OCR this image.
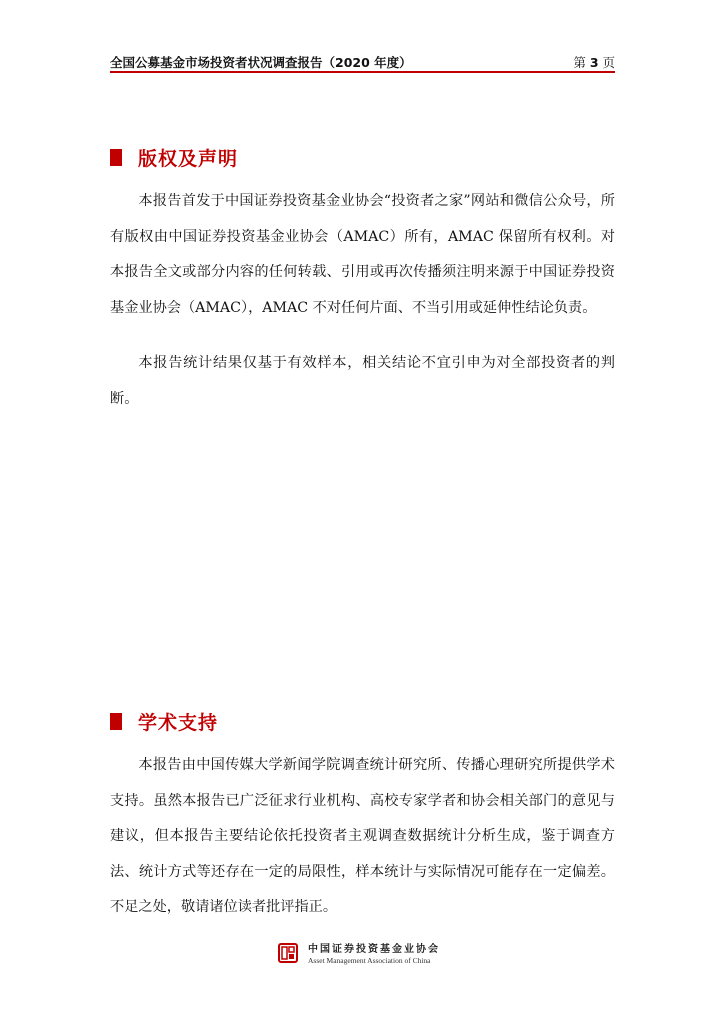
全国公募基金市场投资者状况调查报告（2020 年度）	第 3 页
版权及声明

本报告首发于中国证券投资基金业协会“投资者之家”网站和微信公众号，所有版权由中国证券投资基金业协会（AMAC）所有，AMAC 保留所有权利。对本报告全文或部分内容的任何转载、引用或再次传播须注明来源于中国证券投资基金业协会（AMAC），AMAC 不对任何片面、不当引用或延伸性结论负责。

本报告统计结果仅基于有效样本，相关结论不宜引申为对全部投资者的判断。

学术支持

本报告由中国传媒大学新闻学院调查统计研究所、传播心理研究所提供学术支持。虽然本报告已广泛征求行业机构、高校专家学者和协会相关部门的意见与建议，但本报告主要结论依托投资者主观调查数据统计分析生成，鉴于调查方法、统计方式等还存在一定的局限性，样本统计与实际情况可能存在一定偏差。不足之处，敬请诸位读者批评指正。

中国证券投资基金业协会
Asset Management Association of China
